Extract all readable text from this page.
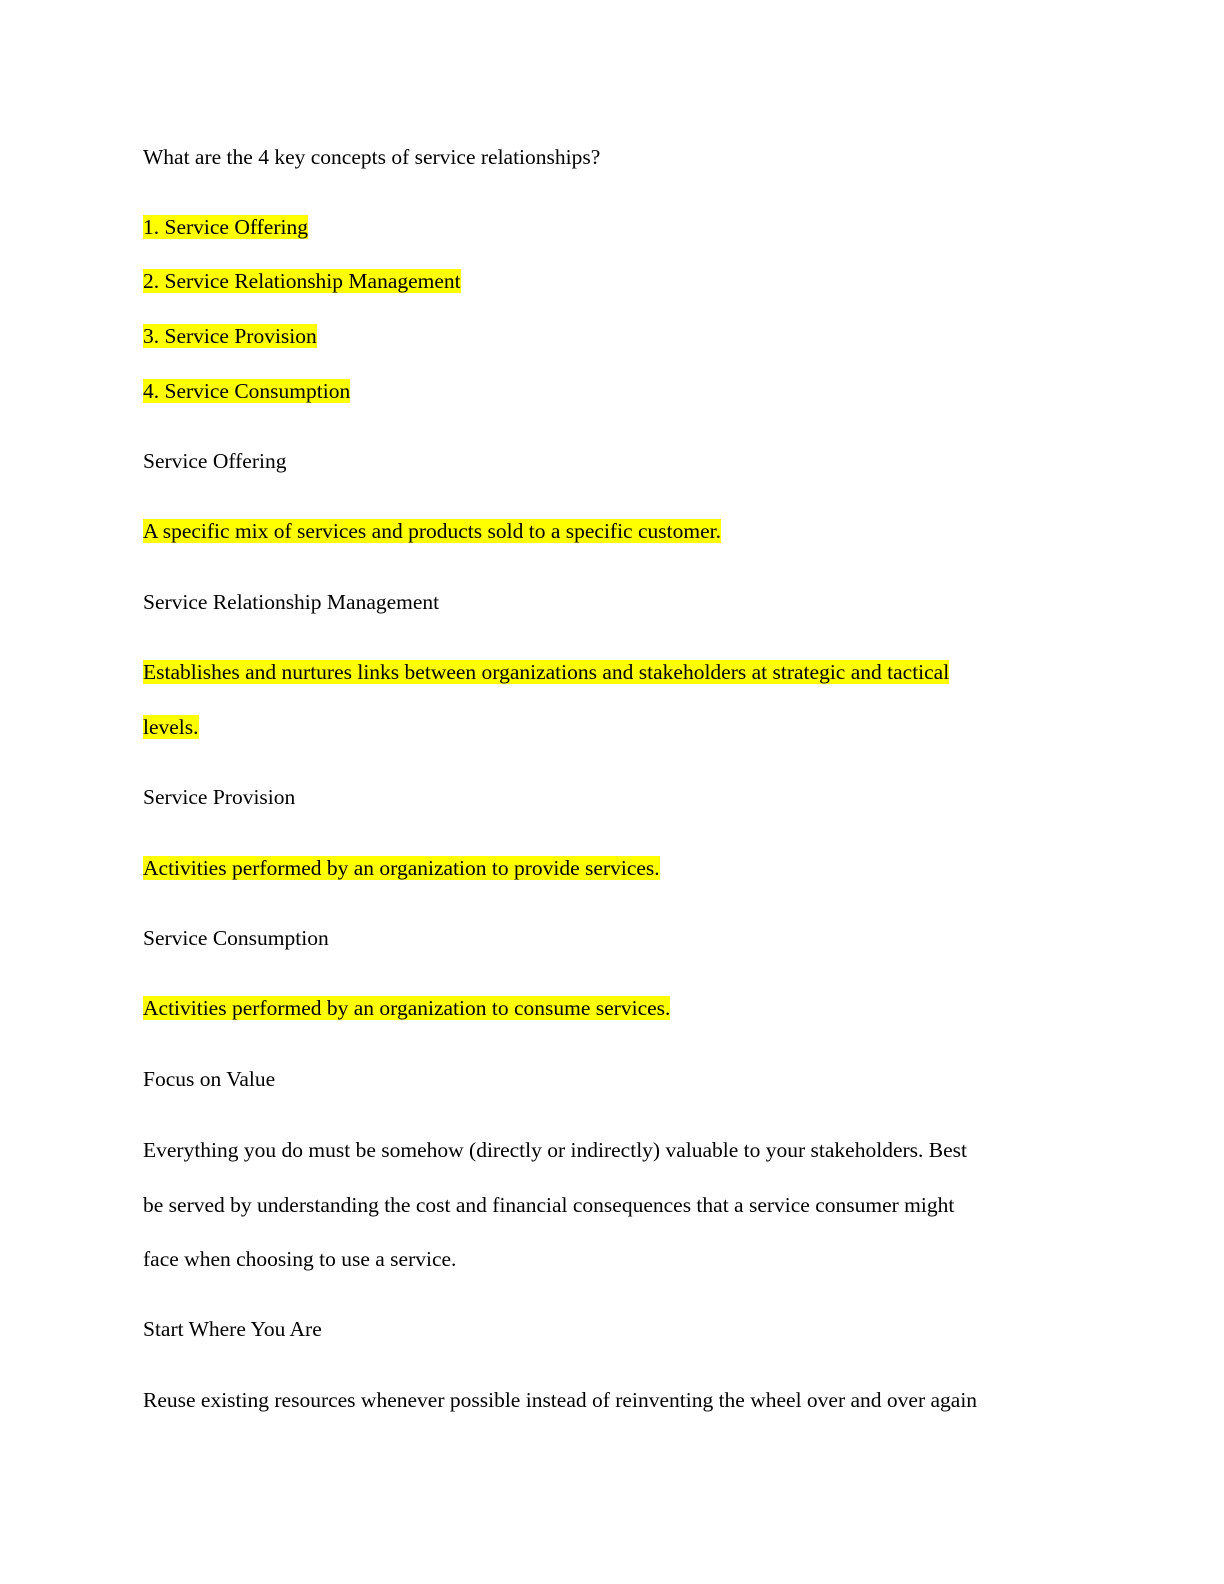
What are the 4 key concepts of service relationships?
1. Service Offering
2. Service Relationship Management
3. Service Provision
4. Service Consumption
Service Offering
A specific mix of services and products sold to a specific customer.
Service Relationship Management
Establishes and nurtures links between organizations and stakeholders at strategic and tactical
levels.
Service Provision
Activities performed by an organization to provide services.
Service Consumption
Activities performed by an organization to consume services.
Focus on Value
Everything you do must be somehow (directly or indirectly) valuable to your stakeholders. Best
be served by understanding the cost and financial consequences that a service consumer might
face when choosing to use a service.
Start Where You Are
Reuse existing resources whenever possible instead of reinventing the wheel over and over again
